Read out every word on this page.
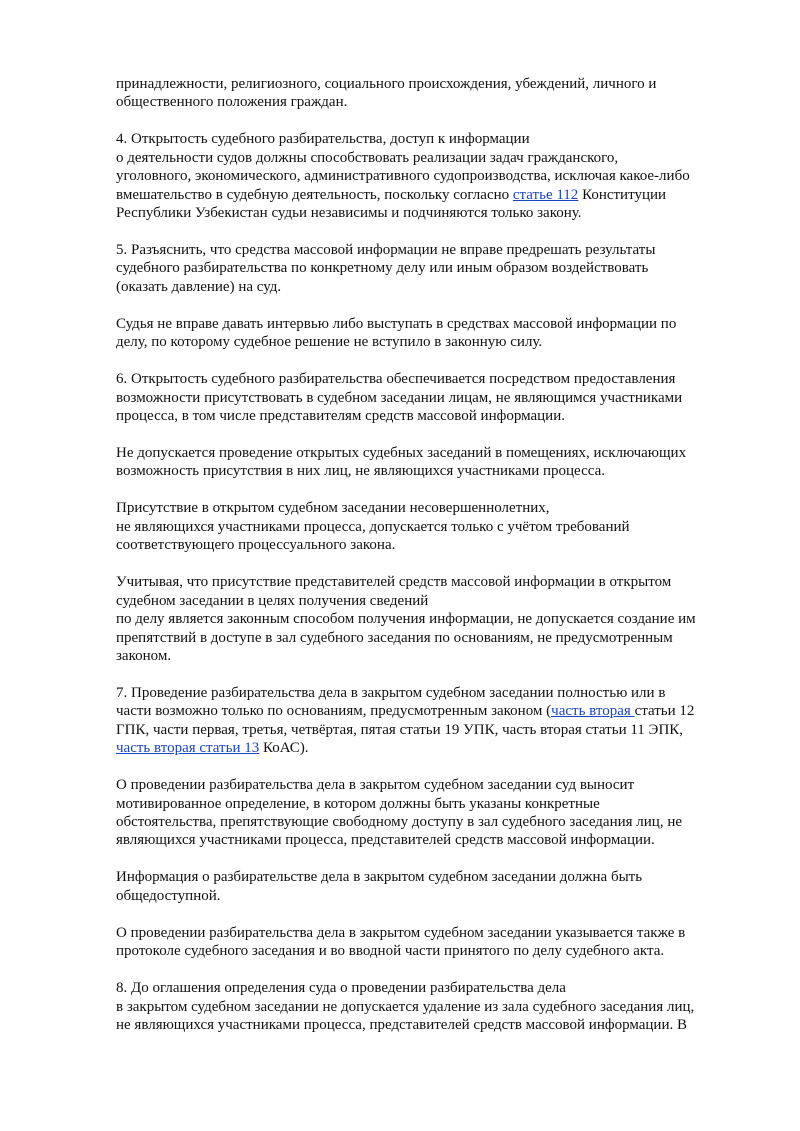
принадлежности, религиозного, социального происхождения, убеждений, личного и
общественного положения граждан.

4. Открытость судебного разбирательства, доступ к информации
о деятельности судов должны способствовать реализации задач гражданского,
уголовного, экономического, административного судопроизводства, исключая какое-либо
вмешательство в судебную деятельность, поскольку согласно статье 112 Конституции
Республики Узбекистан судьи независимы и подчиняются только закону.

5. Разъяснить, что средства массовой информации не вправе предрешать результаты
судебного разбирательства по конкретному делу или иным образом воздействовать
(оказать давление) на суд.

Судья не вправе давать интервью либо выступать в средствах массовой информации по
делу, по которому судебное решение не вступило в законную силу.

6. Открытость судебного разбирательства обеспечивается посредством предоставления
возможности присутствовать в судебном заседании лицам, не являющимся участниками
процесса, в том числе представителям средств массовой информации.

Не допускается проведение открытых судебных заседаний в помещениях, исключающих
возможность присутствия в них лиц, не являющихся участниками процесса.

Присутствие в открытом судебном заседании несовершеннолетних,
не являющихся участниками процесса, допускается только с учётом требований
соответствующего процессуального закона.

Учитывая, что присутствие представителей средств массовой информации в открытом
судебном заседании в целях получения сведений
по делу является законным способом получения информации, не допускается создание им
препятствий в доступе в зал судебного заседания по основаниям, не предусмотренным
законом.

7. Проведение разбирательства дела в закрытом судебном заседании полностью или в
части возможно только по основаниям, предусмотренным законом (часть вторая статьи 12
ГПК, части первая, третья, четвёртая, пятая статьи 19 УПК, часть вторая статьи 11 ЭПК,
часть вторая статьи 13 КоАС).

О проведении разбирательства дела в закрытом судебном заседании суд выносит
мотивированное определение, в котором должны быть указаны конкретные
обстоятельства, препятствующие свободному доступу в зал судебного заседания лиц, не
являющихся участниками процесса, представителей средств массовой информации.

Информация о разбирательстве дела в закрытом судебном заседании должна быть
общедоступной.

О проведении разбирательства дела в закрытом судебном заседании указывается также в
протоколе судебного заседания и во вводной части принятого по делу судебного акта.

8. До оглашения определения суда о проведении разбирательства дела
в закрытом судебном заседании не допускается удаление из зала судебного заседания лиц,
не являющихся участниками процесса, представителей средств массовой информации. В
